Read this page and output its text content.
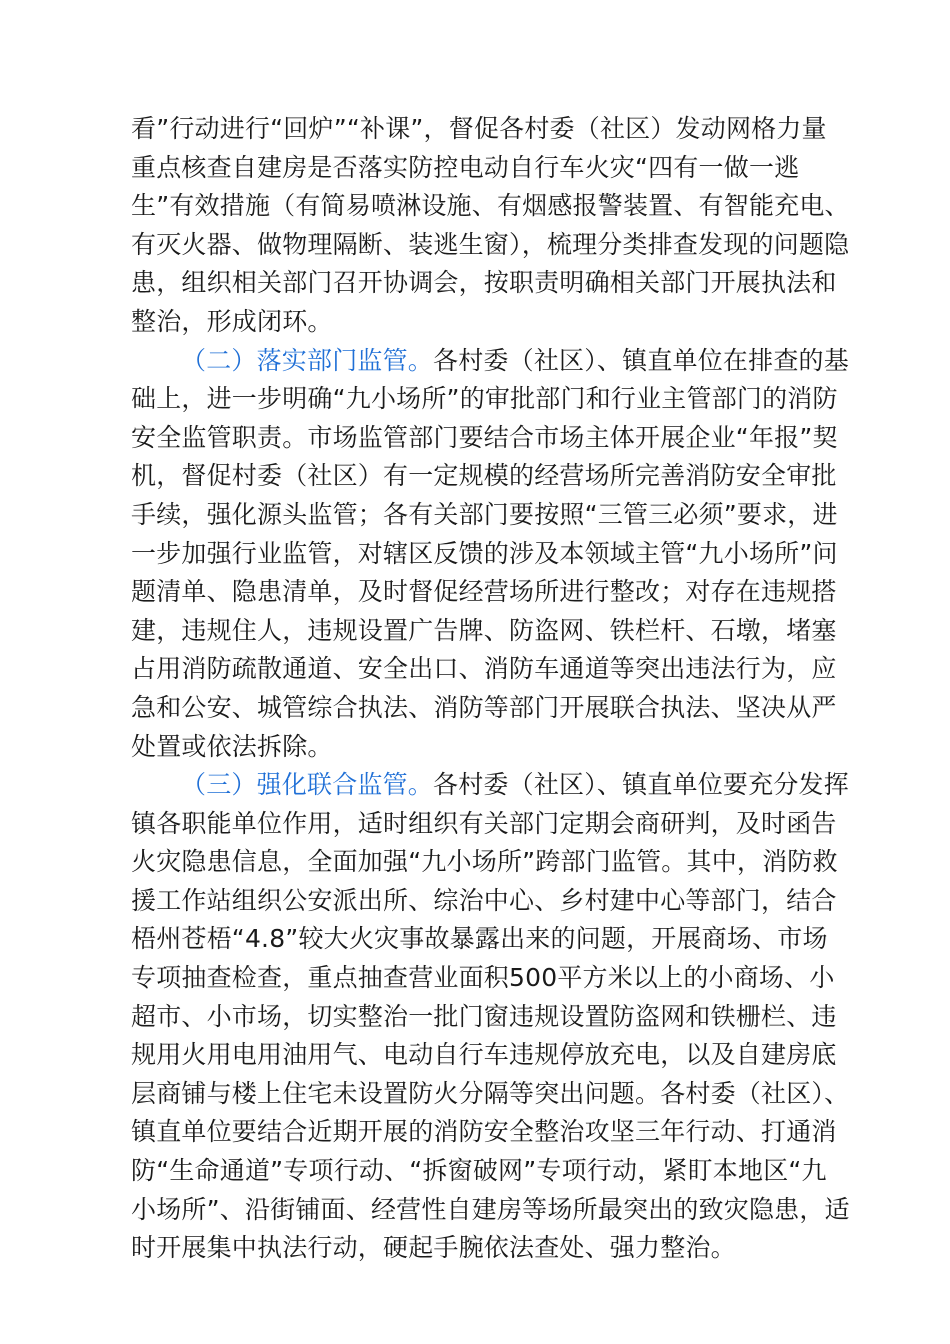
看”行动进行“回炉”“补课”，督促各村委（社区）发动网格力量重点核查自建房是否落实防控电动自行车火灾“四有一做一逃生”有效措施（有简易喷淋设施、有烟感报警装置、有智能充电、有灭火器、做物理隔断、装逃生窗），梳理分类排查发现的问题隐患，组织相关部门召开协调会，按职责明确相关部门开展执法和整治，形成闭环。

（二）落实部门监管。各村委（社区）、镇直单位在排查的基础上，进一步明确“九小场所”的审批部门和行业主管部门的消防安全监管职责。市场监管部门要结合市场主体开展企业“年报”契机，督促村委（社区）有一定规模的经营场所完善消防安全审批手续，强化源头监管；各有关部门要按照“三管三必须”要求，进一步加强行业监管，对辖区反馈的涉及本领域主管“九小场所”问题清单、隐患清单，及时督促经营场所进行整改；对存在违规搭建，违规住人，违规设置广告牌、防盗网、铁栏杆、石墩，堵塞占用消防疏散通道、安全出口、消防车通道等突出违法行为，应急和公安、城管综合执法、消防等部门开展联合执法、坚决从严处置或依法拆除。

（三）强化联合监管。各村委（社区）、镇直单位要充分发挥镇各职能单位作用，适时组织有关部门定期会商研判，及时函告火灾隐患信息，全面加强“九小场所”跨部门监管。其中，消防救援工作站组织公安派出所、综治中心、乡村建中心等部门，结合梧州苍梧“4.8”较大火灾事故暴露出来的问题，开展商场、市场专项抽查检查，重点抽查营业面积500平方米以上的小商场、小超市、小市场，切实整治一批门窗违规设置防盗网和铁栅栏、违规用火用电用油用气、电动自行车违规停放充电，以及自建房底层商铺与楼上住宅未设置防火分隔等突出问题。各村委（社区）、镇直单位要结合近期开展的消防安全整治攻坚三年行动、打通消防“生命通道”专项行动、“拆窗破网”专项行动，紧盯本地区“九小场所”、沿街铺面、经营性自建房等场所最突出的致灾隐患，适时开展集中执法行动，硬起手腕依法查处、强力整治。
